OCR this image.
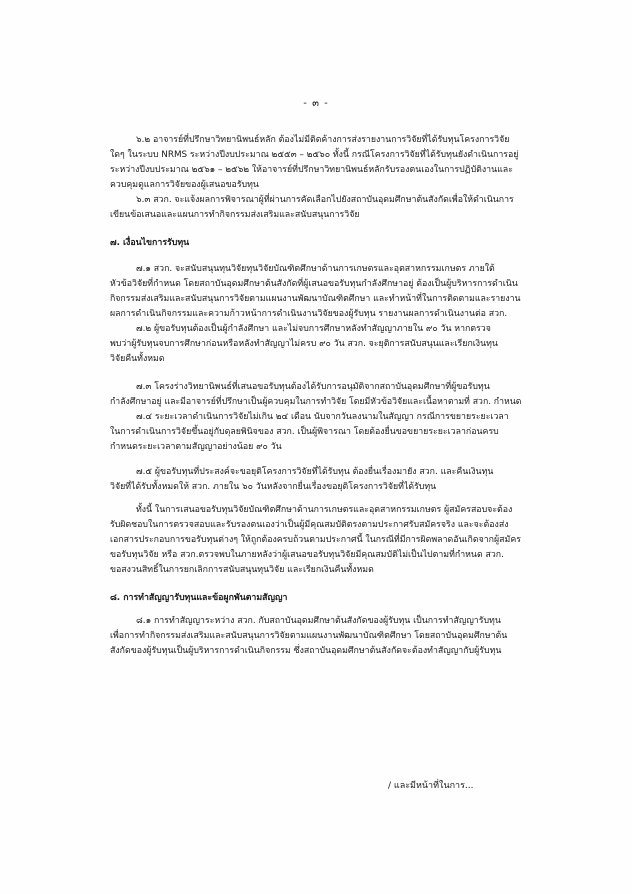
- ๓ -
๖.๒ อาจารย์ที่ปรึกษาวิทยานิพนธ์หลัก ต้องไม่มีติดค้างการส่งรายงานการวิจัยที่ได้รับทุนโครงการวิจัย
ใดๆ ในระบบ NRMS ระหว่างปีงบประมาณ ๒๕๕๓ – ๒๕๖๐ ทั้งนี้ กรณีโครงการวิจัยที่ได้รับทุนยังดำเนินการอยู่
ระหว่างปีงบประมาณ ๒๕๖๑ – ๒๕๖๒ ให้อาจารย์ที่ปรึกษาวิทยานิพนธ์หลักรับรองตนเองในการปฏิบัติงานและ
ควบคุมดูแลการวิจัยของผู้เสนอขอรับทุน
๖.๓ สวก. จะแจ้งผลการพิจารณาผู้ที่ผ่านการคัดเลือกไปยังสถาบันอุดมศึกษาต้นสังกัดเพื่อให้ดำเนินการ
เขียนข้อเสนอและแผนการทำกิจกรรมส่งเสริมและสนับสนุนการวิจัย
๗. เงื่อนไขการรับทุน
๗.๑ สวก. จะสนับสนุนทุนวิจัยทุนวิจัยบัณฑิตศึกษาด้านการเกษตรและอุตสาหกรรมเกษตร ภายใต้
หัวข้อวิจัยที่กำหนด โดยสถาบันอุดมศึกษาต้นสังกัดที่ผู้เสนอขอรับทุนกำลังศึกษาอยู่ ต้องเป็นผู้บริหารการดำเนิน
กิจกรรมส่งเสริมและสนับสนุนการวิจัยตามแผนงานพัฒนาบัณฑิตศึกษา และทำหน้าที่ในการติดตามและรายงาน
ผลการดำเนินกิจกรรมและความก้าวหน้าการดำเนินงานวิจัยของผู้รับทุน รายงานผลการดำเนินงานต่อ สวก.
๗.๒ ผู้ขอรับทุนต้องเป็นผู้กำลังศึกษา และไม่จบการศึกษาหลังทำสัญญาภายใน ๙๐ วัน หากตรวจ
พบว่าผู้รับทุนจบการศึกษาก่อนหรือหลังทำสัญญาไม่ครบ ๙๐ วัน สวก. จะยุติการสนับสนุนและเรียกเงินทุน
วิจัยคืนทั้งหมด
๗.๓ โครงร่างวิทยานิพนธ์ที่เสนอขอรับทุนต้องได้รับการอนุมัติจากสถาบันอุดมศึกษาที่ผู้ขอรับทุน
กำลังศึกษาอยู่ และมีอาจารย์ที่ปรึกษาเป็นผู้ควบคุมในการทำวิจัย โดยมีหัวข้อวิจัยและเนื้อหาตามที่ สวก. กำหนด
๗.๔ ระยะเวลาดำเนินการวิจัยไม่เกิน ๒๔ เดือน นับจากวันลงนามในสัญญา กรณีการขยายระยะเวลา
ในการดำเนินการวิจัยขึ้นอยู่กับดุลยพินิจของ สวก. เป็นผู้พิจารณา โดยต้องยื่นขอขยายระยะเวลาก่อนครบ
กำหนดระยะเวลาตามสัญญาอย่างน้อย ๙๐ วัน
๗.๕ ผู้ขอรับทุนที่ประสงค์จะขอยุติโครงการวิจัยที่ได้รับทุน ต้องยื่นเรื่องมายัง สวก. และคืนเงินทุน
วิจัยที่ได้รับทั้งหมดให้ สวก. ภายใน ๖๐ วันหลังจากยื่นเรื่องขอยุติโครงการวิจัยที่ได้รับทุน
ทั้งนี้ ในการเสนอขอรับทุนวิจัยบัณฑิตศึกษาด้านการเกษตรและอุตสาหกรรมเกษตร ผู้สมัครสอบจะต้อง
รับผิดชอบในการตรวจสอบและรับรองตนเองว่าเป็นผู้มีคุณสมบัติตรงตามประกาศรับสมัครจริง และจะต้องส่ง
เอกสารประกอบการขอรับทุนต่างๆ ให้ถูกต้องครบถ้วนตามประกาศนี้ ในกรณีที่มีการผิดพลาดอันเกิดจากผู้สมัคร
ขอรับทุนวิจัย หรือ สวก.ตรวจพบในภายหลังว่าผู้เสนอขอรับทุนวิจัยมีคุณสมบัติไม่เป็นไปตามที่กำหนด สวก.
ขอสงวนสิทธิ์ในการยกเลิกการสนับสนุนทุนวิจัย และเรียกเงินคืนทั้งหมด
๘. การทำสัญญารับทุนและข้อผูกพันตามสัญญา
๘.๑ การทำสัญญาระหว่าง สวก. กับสถาบันอุดมศึกษาต้นสังกัดของผู้รับทุน เป็นการทำสัญญารับทุน
เพื่อการทำกิจกรรมส่งเสริมและสนับสนุนการวิจัยตามแผนงานพัฒนาบัณฑิตศึกษา โดยสถาบันอุดมศึกษาต้น
สังกัดของผู้รับทุนเป็นผู้บริหารการดำเนินกิจกรรม ซึ่งสถาบันอุดมศึกษาต้นสังกัดจะต้องทำสัญญากับผู้รับทุน
/ และมีหน้าที่ในการ...
